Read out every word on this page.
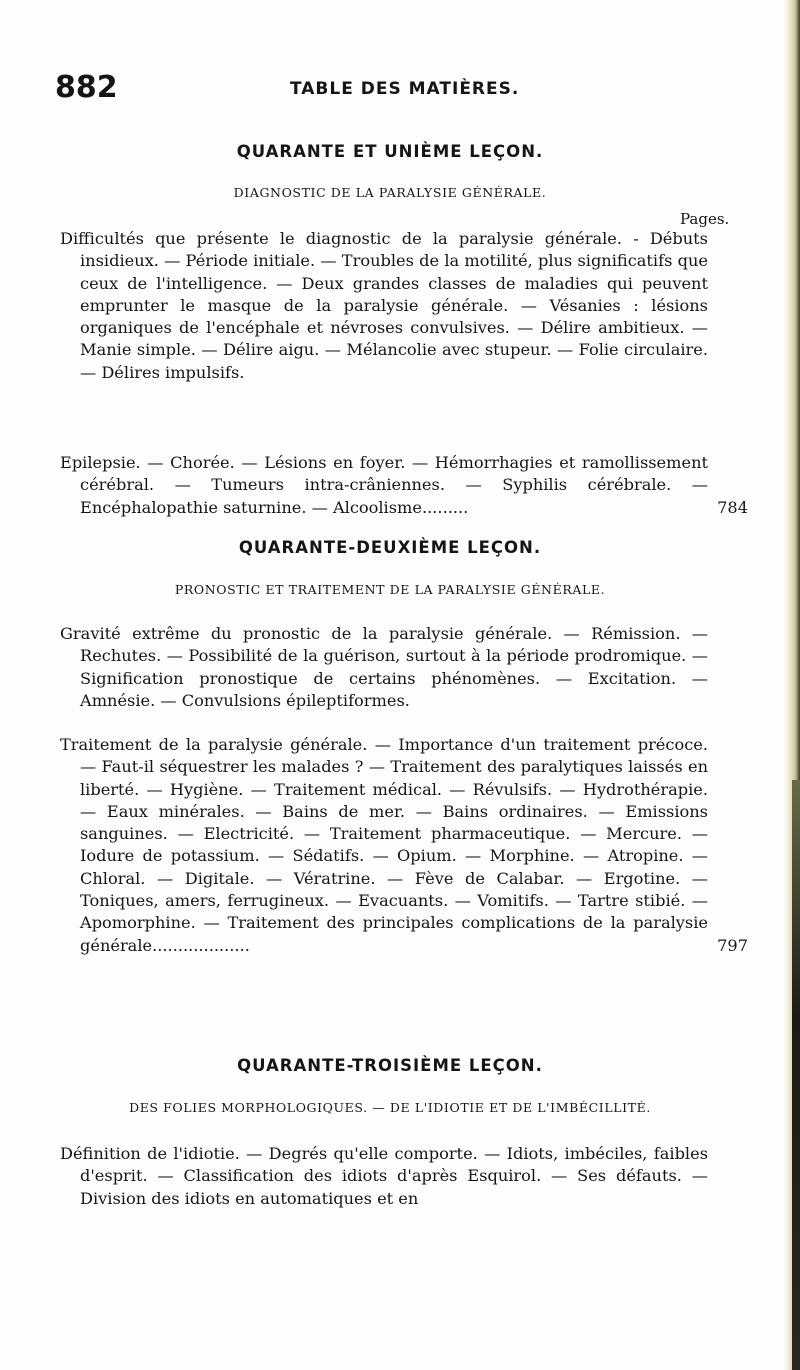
882	TABLE DES MATIÈRES.
QUARANTE ET UNIÈME LEÇON.
DIAGNOSTIC DE LA PARALYSIE GÉNÉRALE.
Pages.
Difficultés que présente le diagnostic de la paralysie générale. - Débuts insidieux. — Période initiale. — Troubles de la motilité, plus significatifs que ceux de l'intelligence. — Deux grandes classes de maladies qui peuvent emprunter le masque de la paralysie générale. — Vésanies : lésions organiques de l'encéphale et névroses convulsives. — Délire ambitieux. — Manie simple. — Délire aigu. — Mélancolie avec stupeur. — Folie circulaire. — Délires impulsifs.
Epilepsie. — Chorée. — Lésions en foyer. — Hémorrhagies et ramollissement cérébral. — Tumeurs intra-crâniennes. — Syphilis cérébrale. — Encéphalopathie saturnine. — Alcoolisme.........	784
QUARANTE-DEUXIÈME LEÇON.
PRONOSTIC ET TRAITEMENT DE LA PARALYSIE GÉNÉRALE.
Gravité extrême du pronostic de la paralysie générale. — Rémission. — Rechutes. — Possibilité de la guérison, surtout à la période prodromique. — Signification pronostique de certains phénomènes. — Excitation. — Amnésie. — Convulsions épileptiformes.
Traitement de la paralysie générale. — Importance d'un traitement précoce. — Faut-il séquestrer les malades ? — Traitement des paralytiques laissés en liberté. — Hygiène. — Traitement médical. — Révulsifs. — Hydrothérapie. — Eaux minérales. — Bains de mer. — Bains ordinaires. — Emissions sanguines. — Electricité. — Traitement pharmaceutique. — Mercure. — Iodure de potassium. — Sédatifs. — Opium. — Morphine. — Atropine. — Chloral. — Digitale. — Vératrine. — Fève de Calabar. — Ergotine. — Toniques, amers, ferrugineux. — Evacuants. — Vomitifs. — Tartre stibié. — Apomorphine. — Traitement des principales complications de la paralysie générale...................	797
QUARANTE-TROISIÈME LEÇON.
DES FOLIES MORPHOLOGIQUES. — DE L'IDIOTIE ET DE L'IMBÉCILLITÉ.
Définition de l'idiotie. — Degrés qu'elle comporte. — Idiots, imbéciles, faibles d'esprit. — Classification des idiots d'après Esquirol. — Ses défauts. — Division des idiots en automatiques et en
